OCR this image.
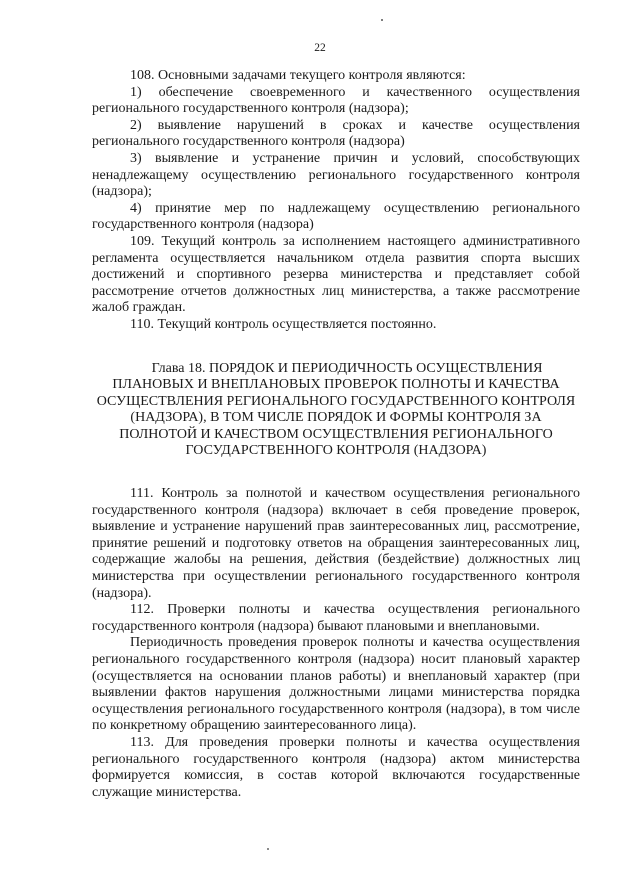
22

108. Основными задачами текущего контроля являются:

1) обеспечение своевременного и качественного осуществления регионального государственного контроля (надзора);

2) выявление нарушений в сроках и качестве осуществления регионального государственного контроля (надзора)

3) выявление и устранение причин и условий, способствующих ненадлежащему осуществлению регионального государственного контроля (надзора);

4) принятие мер по надлежащему осуществлению регионального государственного контроля (надзора)

109. Текущий контроль за исполнением настоящего административного регламента осуществляется начальником отдела развития спорта высших достижений и спортивного резерва министерства и представляет собой рассмотрение отчетов должностных лиц министерства, а также рассмотрение жалоб граждан.

110. Текущий контроль осуществляется постоянно.

Глава 18. ПОРЯДОК И ПЕРИОДИЧНОСТЬ ОСУЩЕСТВЛЕНИЯ
ПЛАНОВЫХ И ВНЕПЛАНОВЫХ ПРОВЕРОК ПОЛНОТЫ И КАЧЕСТВА ОСУЩЕСТВЛЕНИЯ РЕГИОНАЛЬНОГО ГОСУДАРСТВЕННОГО КОНТРОЛЯ (НАДЗОРА), В ТОМ ЧИСЛЕ ПОРЯДОК И ФОРМЫ КОНТРОЛЯ ЗА ПОЛНОТОЙ И КАЧЕСТВОМ ОСУЩЕСТВЛЕНИЯ РЕГИОНАЛЬНОГО ГОСУДАРСТВЕННОГО КОНТРОЛЯ (НАДЗОРА)

111. Контроль за полнотой и качеством осуществления регионального государственного контроля (надзора) включает в себя проведение проверок, выявление и устранение нарушений прав заинтересованных лиц, рассмотрение, принятие решений и подготовку ответов на обращения заинтересованных лиц, содержащие жалобы на решения, действия (бездействие) должностных лиц министерства при осуществлении регионального государственного контроля (надзора).

112. Проверки полноты и качества осуществления регионального государственного контроля (надзора) бывают плановыми и внеплановыми.

Периодичность проведения проверок полноты и качества осуществления регионального государственного контроля (надзора) носит плановый характер (осуществляется на основании планов работы) и внеплановый характер (при выявлении фактов нарушения должностными лицами министерства порядка осуществления регионального государственного контроля (надзора), в том числе по конкретному обращению заинтересованного лица).

113. Для проведения проверки полноты и качества осуществления регионального государственного контроля (надзора) актом министерства формируется комиссия, в состав которой включаются государственные служащие министерства.
